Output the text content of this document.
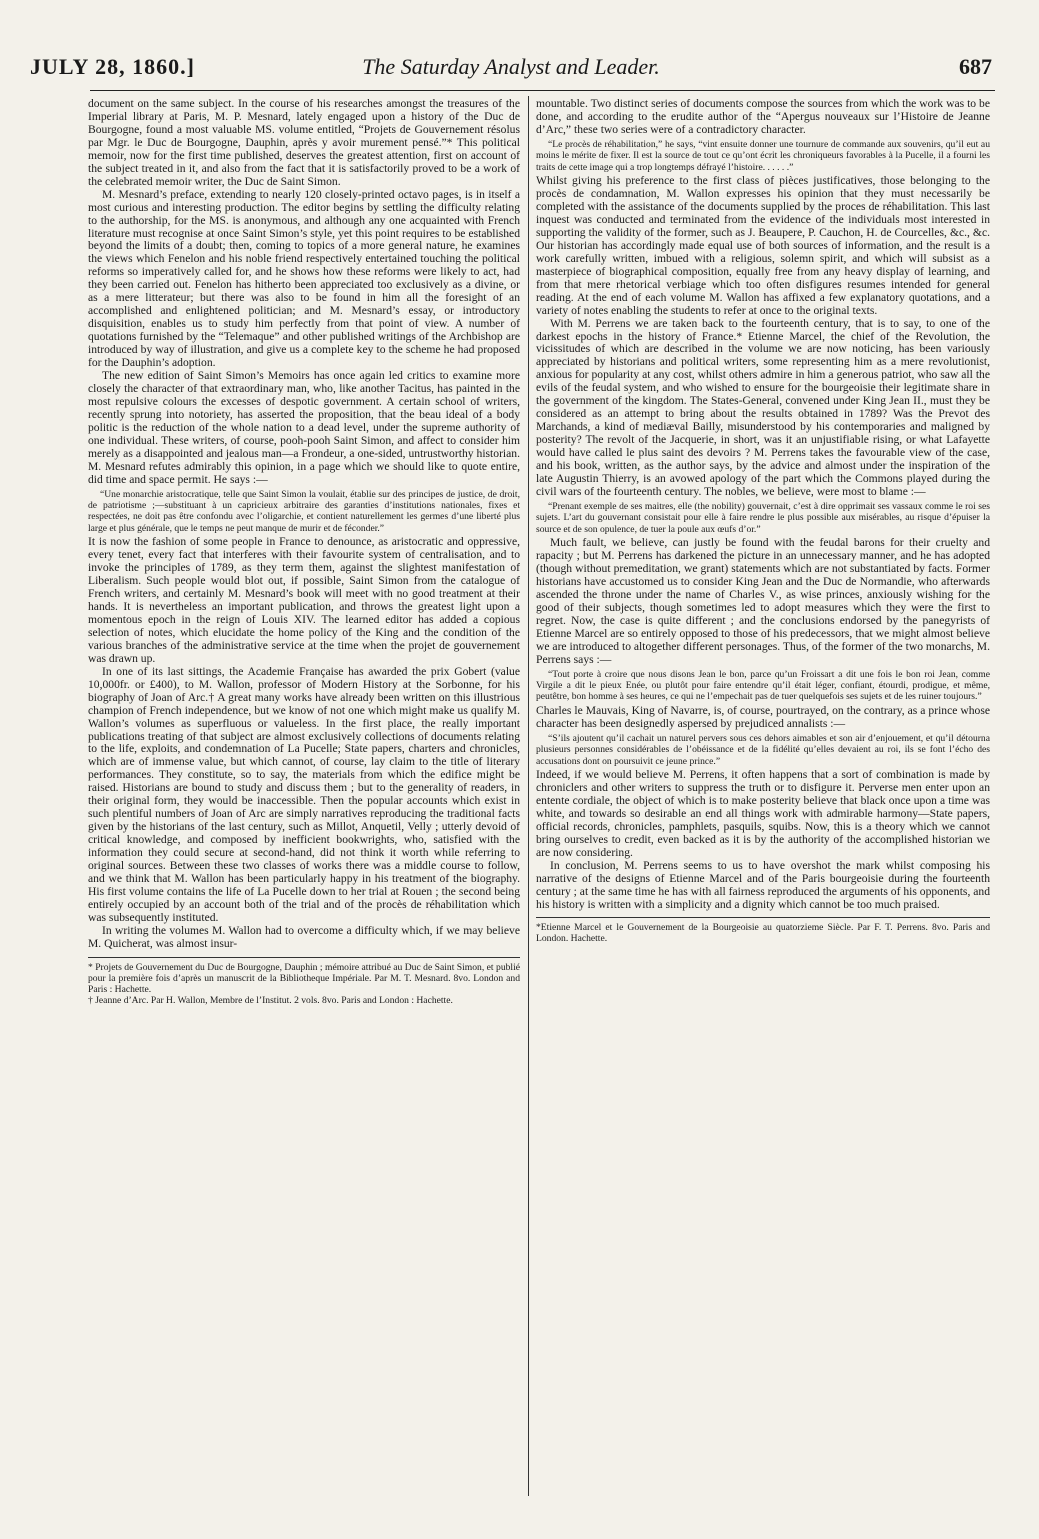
JULY 28, 1860.]	The Saturday Analyst and Leader.	687

document on the same subject. In the course of his researches amongst the treasures of the Imperial library at Paris, M. P. Mesnard, lately engaged upon a history of the Duc de Bourgogne, found a most valuable MS. volume entitled, “Projets de Gouvernement résolus par Mgr. le Duc de Bourgogne, Dauphin, après y avoir murement pensé.”* This political memoir, now for the first time published, deserves the greatest attention, first on account of the subject treated in it, and also from the fact that it is satisfactorily proved to be a work of the celebrated memoir writer, the Duc de Saint Simon.

M. Mesnard’s preface, extending to nearly 120 closely-printed octavo pages, is in itself a most curious and interesting production. The editor begins by settling the difficulty relating to the authorship, for the MS. is anonymous, and although any one acquainted with French literature must recognise at once Saint Simon’s style, yet this point requires to be established beyond the limits of a doubt; then, coming to topics of a more general nature, he examines the views which Fenelon and his noble friend respectively entertained touching the political reforms so imperatively called for, and he shows how these reforms were likely to act, had they been carried out. Fenelon has hitherto been appreciated too exclusively as a divine, or as a mere litterateur; but there was also to be found in him all the foresight of an accomplished and enlightened politician; and M. Mesnard’s essay, or introductory disquisition, enables us to study him perfectly from that point of view. A number of quotations furnished by the “Telemaque” and other published writings of the Archbishop are introduced by way of illustration, and give us a complete key to the scheme he had proposed for the Dauphin’s adoption.

The new edition of Saint Simon’s Memoirs has once again led critics to examine more closely the character of that extraordinary man, who, like another Tacitus, has painted in the most repulsive colours the excesses of despotic government. A certain school of writers, recently sprung into notoriety, has asserted the proposition, that the beau ideal of a body politic is the reduction of the whole nation to a dead level, under the supreme authority of one individual. These writers, of course, pooh-pooh Saint Simon, and affect to consider him merely as a disappointed and jealous man—a Frondeur, a one-sided, untrustworthy historian. M. Mesnard refutes admirably this opinion, in a page which we should like to quote entire, did time and space permit. He says :—

“Une monarchie aristocratique, telle que Saint Simon la voulait, établie sur des principes de justice, de droit, de patriotisme ;—substituant à un capricieux arbitraire des garanties d’institutions nationales, fixes et respectées, ne doit pas être confondu avec l’oligarchie, et contient naturellement les germes d’une liberté plus large et plus générale, que le temps ne peut manque de murir et de féconder.”

It is now the fashion of some people in France to denounce, as aristocratic and oppressive, every tenet, every fact that interferes with their favourite system of centralisation, and to invoke the principles of 1789, as they term them, against the slightest manifestation of Liberalism. Such people would blot out, if possible, Saint Simon from the catalogue of French writers, and certainly M. Mesnard’s book will meet with no good treatment at their hands. It is nevertheless an important publication, and throws the greatest light upon a momentous epoch in the reign of Louis XIV. The learned editor has added a copious selection of notes, which elucidate the home policy of the King and the condition of the various branches of the administrative service at the time when the projet de gouvernement was drawn up.

In one of its last sittings, the Academie Française has awarded the prix Gobert (value 10,000fr. or £400), to M. Wallon, professor of Modern History at the Sorbonne, for his biography of Joan of Arc.† A great many works have already been written on this illustrious champion of French independence, but we know of not one which might make us qualify M. Wallon’s volumes as superfluous or valueless. In the first place, the really important publications treating of that subject are almost exclusively collections of documents relating to the life, exploits, and condemnation of La Pucelle; State papers, charters and chronicles, which are of immense value, but which cannot, of course, lay claim to the title of literary performances. They constitute, so to say, the materials from which the edifice might be raised. Historians are bound to study and discuss them ; but to the generality of readers, in their original form, they would be inaccessible. Then the popular accounts which exist in such plentiful numbers of Joan of Arc are simply narratives reproducing the traditional facts given by the historians of the last century, such as Millot, Anquetil, Velly ; utterly devoid of critical knowledge, and composed by inefficient bookwrights, who, satisfied with the information they could secure at second-hand, did not think it worth while referring to original sources. Between these two classes of works there was a middle course to follow, and we think that M. Wallon has been particularly happy in his treatment of the biography. His first volume contains the life of La Pucelle down to her trial at Rouen ; the second being entirely occupied by an account both of the trial and of the procès de réhabilitation which was subsequently instituted.

In writing the volumes M. Wallon had to overcome a difficulty which, if we may believe M. Quicherat, was almost insur-

* Projets de Gouvernement du Duc de Bourgogne, Dauphin ; mémoire attribué au Duc de Saint Simon, et publié pour la première fois d’après un manuscrit de la Bibliotheque Impériale. Par M. T. Mesnard. 8vo. London and Paris : Hachette.

† Jeanne d’Arc. Par H. Wallon, Membre de l’Institut. 2 vols. 8vo. Paris and London : Hachette.

mountable. Two distinct series of documents compose the sources from which the work was to be done, and according to the erudite author of the “Apergus nouveaux sur l’Histoire de Jeanne d’Arc,” these two series were of a contradictory character.

“Le procès de réhabilitation,” he says, “vint ensuite donner une tournure de commande aux souvenirs, qu’il eut au moins le mérite de fixer. Il est la source de tout ce qu’ont écrit les chroniqueurs favorables à la Pucelle, il a fourni les traits de cette image qui a trop longtemps défrayé l’histoire. . . . . .”

Whilst giving his preference to the first class of pièces justificatives, those belonging to the procès de condamnation, M. Wallon expresses his opinion that they must necessarily be completed with the assistance of the documents supplied by the proces de réhabilitation. This last inquest was conducted and terminated from the evidence of the individuals most interested in supporting the validity of the former, such as J. Beaupere, P. Cauchon, H. de Courcelles, &c., &c. Our historian has accordingly made equal use of both sources of information, and the result is a work carefully written, imbued with a religious, solemn spirit, and which will subsist as a masterpiece of biographical composition, equally free from any heavy display of learning, and from that mere rhetorical verbiage which too often disfigures resumes intended for general reading. At the end of each volume M. Wallon has affixed a few explanatory quotations, and a variety of notes enabling the students to refer at once to the original texts.

With M. Perrens we are taken back to the fourteenth century, that is to say, to one of the darkest epochs in the history of France.* Etienne Marcel, the chief of the Revolution, the vicissitudes of which are described in the volume we are now noticing, has been variously appreciated by historians and political writers, some representing him as a mere revolutionist, anxious for popularity at any cost, whilst others admire in him a generous patriot, who saw all the evils of the feudal system, and who wished to ensure for the bourgeoisie their legitimate share in the government of the kingdom. The States-General, convened under King Jean II., must they be considered as an attempt to bring about the results obtained in 1789? Was the Prevot des Marchands, a kind of mediæval Bailly, misunderstood by his contemporaries and maligned by posterity? The revolt of the Jacquerie, in short, was it an unjustifiable rising, or what Lafayette would have called le plus saint des devoirs ? M. Perrens takes the favourable view of the case, and his book, written, as the author says, by the advice and almost under the inspiration of the late Augustin Thierry, is an avowed apology of the part which the Commons played during the civil wars of the fourteenth century. The nobles, we believe, were most to blame :—

“Prenant exemple de ses maitres, elle (the nobility) gouvernait, c’est à dire opprimait ses vassaux comme le roi ses sujets. L’art du gouvernant consistait pour elle à faire rendre le plus possible aux misérables, au risque d’épuiser la source et de son opulence, de tuer la poule aux œufs d’or.”

Much fault, we believe, can justly be found with the feudal barons for their cruelty and rapacity ; but M. Perrens has darkened the picture in an unnecessary manner, and he has adopted (though without premeditation, we grant) statements which are not substantiated by facts. Former historians have accustomed us to consider King Jean and the Duc de Normandie, who afterwards ascended the throne under the name of Charles V., as wise princes, anxiously wishing for the good of their subjects, though sometimes led to adopt measures which they were the first to regret. Now, the case is quite different ; and the conclusions endorsed by the panegyrists of Etienne Marcel are so entirely opposed to those of his predecessors, that we might almost believe we are introduced to altogether different personages. Thus, of the former of the two monarchs, M. Perrens says :—

“Tout porte à croire que nous disons Jean le bon, parce qu’un Froissart a dit une fois le bon roi Jean, comme Virgile a dit le pieux Enée, ou plutôt pour faire entendre qu’il était léger, confiant, étourdi, prodigue, et même, peutêtre, bon homme à ses heures, ce qui ne l’empechait pas de tuer quelquefois ses sujets et de les ruiner toujours.”

Charles le Mauvais, King of Navarre, is, of course, pourtrayed, on the contrary, as a prince whose character has been designedly aspersed by prejudiced annalists :—

“S’ils ajoutent qu’il cachait un naturel pervers sous ces dehors aimables et son air d’enjouement, et qu’il détourna plusieurs personnes considérables de l’obéissance et de la fidélité qu’elles devaient au roi, ils se font l’écho des accusations dont on poursuivit ce jeune prince.”

Indeed, if we would believe M. Perrens, it often happens that a sort of combination is made by chroniclers and other writers to suppress the truth or to disfigure it. Perverse men enter upon an entente cordiale, the object of which is to make posterity believe that black once upon a time was white, and towards so desirable an end all things work with admirable harmony—State papers, official records, chronicles, pamphlets, pasquils, squibs. Now, this is a theory which we cannot bring ourselves to credit, even backed as it is by the authority of the accomplished historian we are now considering.

In conclusion, M. Perrens seems to us to have overshot the mark whilst composing his narrative of the designs of Etienne Marcel and of the Paris bourgeoisie during the fourteenth century ; at the same time he has with all fairness reproduced the arguments of his opponents, and his history is written with a simplicity and a dignity which cannot be too much praised.

*Etienne Marcel et le Gouvernement de la Bourgeoisie au quatorzieme Siècle. Par F. T. Perrens. 8vo. Paris and London. Hachette.
